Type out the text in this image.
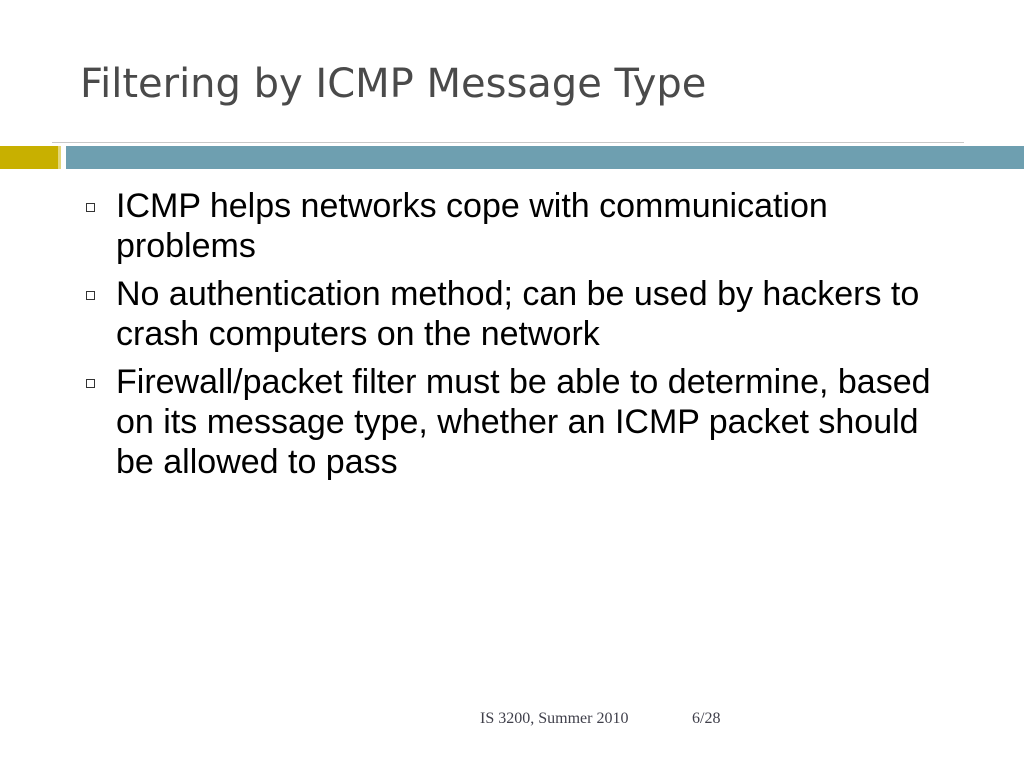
Filtering by ICMP Message Type
ICMP helps networks cope with communication problems
No authentication method; can be used by hackers to crash computers on the network
Firewall/packet filter must be able to determine, based on its message type, whether an ICMP packet should be allowed to pass
IS 3200, Summer 2010	6/28
